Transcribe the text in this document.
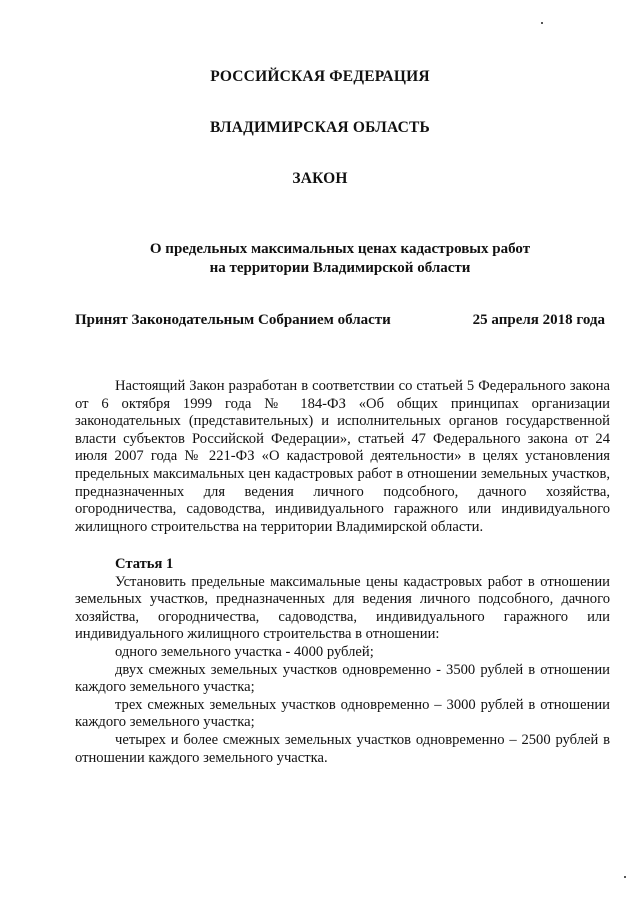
РОССИЙСКАЯ ФЕДЕРАЦИЯ
ВЛАДИМИРСКАЯ ОБЛАСТЬ
ЗАКОН
О предельных максимальных ценах кадастровых работ
на территории Владимирской области
Принят Законодательным Собранием области	25 апреля 2018 года
Настоящий Закон разработан в соответствии со статьей 5 Федерального закона от 6 октября 1999 года № 184-ФЗ «Об общих принципах организации законодательных (представительных) и исполнительных органов государственной власти субъектов Российской Федерации», статьей 47 Федерального закона от 24 июля 2007 года № 221-ФЗ «О кадастровой деятельности» в целях установления предельных максимальных цен кадастровых работ в отношении земельных участков, предназначенных для ведения личного подсобного, дачного хозяйства, огородничества, садоводства, индивидуального гаражного или индивидуального жилищного строительства на территории Владимирской области.
Статья 1
Установить предельные максимальные цены кадастровых работ в отношении земельных участков, предназначенных для ведения личного подсобного, дачного хозяйства, огородничества, садоводства, индивидуального гаражного или индивидуального жилищного строительства в отношении:
одного земельного участка - 4000 рублей;
двух смежных земельных участков одновременно - 3500 рублей в отношении каждого земельного участка;
трех смежных земельных участков одновременно – 3000 рублей в отношении каждого земельного участка;
четырех и более смежных земельных участков одновременно – 2500 рублей в отношении каждого земельного участка.
